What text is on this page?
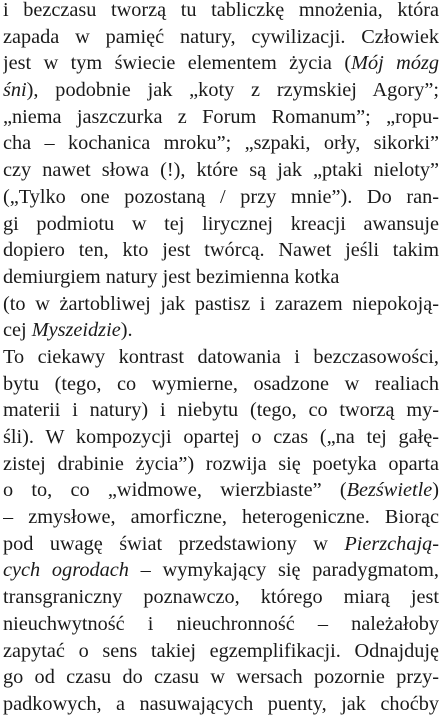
i bezczasu tworzą tu tabliczkę mnożenia, która
zapada w pamięć natury, cywilizacji. Człowiek
jest w tym świecie elementem życia (Mój mózg
śni), podobnie jak „koty z rzymskiej Agory”;
„niema jaszczurka z Forum Romanum”; „ropu-
cha – kochanica mroku”; „szpaki, orły, sikorki”
czy nawet słowa (!), które są jak „ptaki nieloty”
(„Tylko one pozostaną / przy mnie”). Do ran-
gi podmiotu w tej lirycznej kreacji awansuje
dopiero ten, kto jest twórcą. Nawet jeśli takim
demiurgiem natury jest bezimienna kotka
(to w żartobliwej jak pastisz i zarazem niepokoją-
cej Myszeidzie).
To ciekawy kontrast datowania i bezczasowości,
bytu (tego, co wymierne, osadzone w realiach
materii i natury) i niebytu (tego, co tworzą my-
śli). W kompozycji opartej o czas („na tej gałę-
zistej drabinie życia”) rozwija się poetyka oparta
o to, co „widmowe, wierzbiaste” (Bezświetle)
– zmysłowe, amorficzne, heterogeniczne. Biorąc
pod uwagę świat przedstawiony w Pierzchają-
cych ogrodach – wymykający się paradygmatom,
transgraniczny poznawczo, którego miarą jest
nieuchwytność i nieuchronność – należałoby
zapytać o sens takiej egzemplifikacji. Odnajduję
go od czasu do czasu w wersach pozornie przy-
padkowych, a nasuwających puenty, jak choćby
